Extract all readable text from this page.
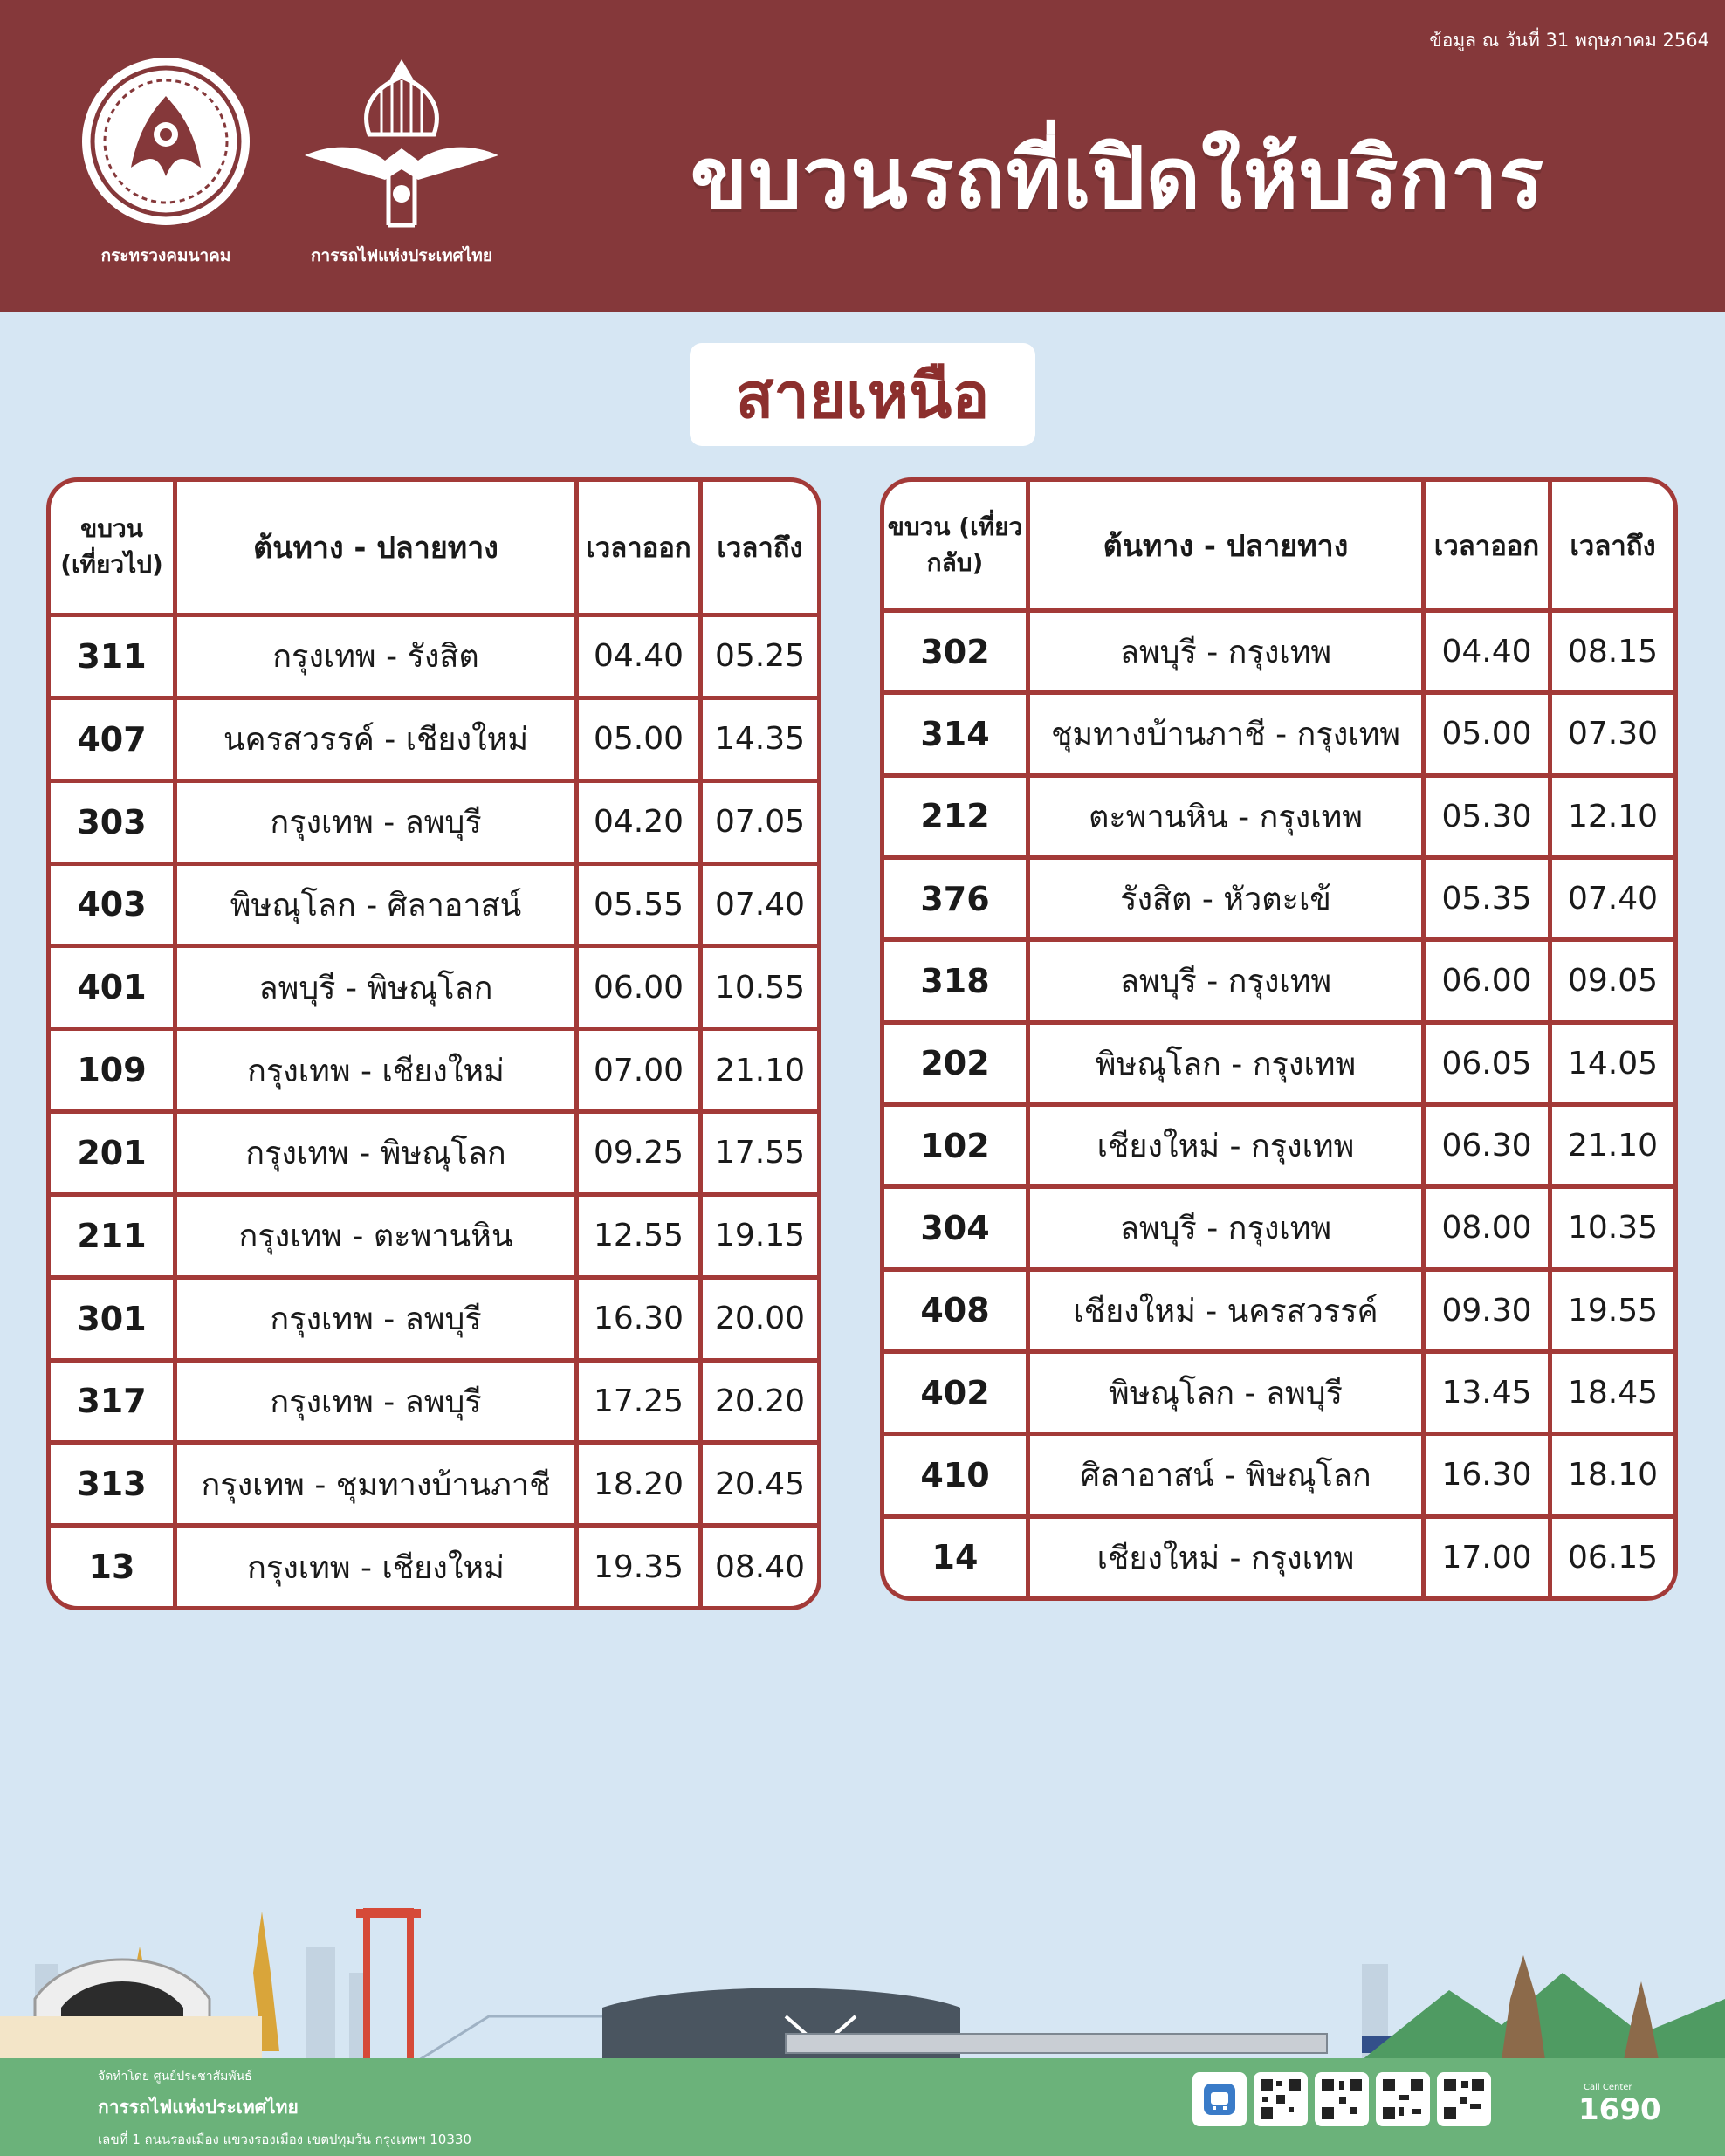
ข้อมูล ณ วันที่ 31 พฤษภาคม 2564
กระทรวงคมนาคม	การรถไฟแห่งประเทศไทย
ขบวนรถที่เปิดให้บริการ
สายเหนือ
ขบวน (เที่ยวไป)	ต้นทาง - ปลายทาง	เวลาออก เวลาถึง
311	กรุงเทพ - รังสิต	04.40 05.25
407	นครสวรรค์ - เชียงใหม่	05.00 14.35
303	กรุงเทพ - ลพบุรี	04.20 07.05
403	พิษณุโลก - ศิลาอาสน์	05.55 07.40
401	ลพบุรี - พิษณุโลก	06.00 10.55
109	กรุงเทพ - เชียงใหม่	07.00 21.10
201	กรุงเทพ - พิษณุโลก	09.25 17.55
211	กรุงเทพ - ตะพานหิน	12.55 19.15
301	กรุงเทพ - ลพบุรี	16.30 20.00
317	กรุงเทพ - ลพบุรี	17.25 20.20
313	กรุงเทพ - ชุมทางบ้านภาชี	18.20 20.45
13	กรุงเทพ - เชียงใหม่	19.35 08.40
ขบวน (เที่ยวกลับ)	ต้นทาง - ปลายทาง	เวลาออก	เวลาถึง
302	ลพบุรี - กรุงเทพ	04.40	08.15
314	ชุมทางบ้านภาชี - กรุงเทพ	05.00	07.30
212	ตะพานหิน - กรุงเทพ	05.30	12.10
376	รังสิต - หัวตะเข้	05.35	07.40
318	ลพบุรี - กรุงเทพ	06.00	09.05
202	พิษณุโลก - กรุงเทพ	06.05	14.05
102	เชียงใหม่ - กรุงเทพ	06.30	21.10
304	ลพบุรี - กรุงเทพ	08.00	10.35
408	เชียงใหม่ - นครสวรรค์	09.30	19.55
402	พิษณุโลก - ลพบุรี	13.45	18.45
410	ศิลาอาสน์ - พิษณุโลก	16.30	18.10
14	เชียงใหม่ - กรุงเทพ	17.00	06.15
จัดทำโดย ศูนย์ประชาสัมพันธ์
การรถไฟแห่งประเทศไทย
เลขที่ 1 ถนนรองเมือง แขวงรองเมือง เขตปทุมวัน กรุงเทพฯ 10330
Call Center
1690
